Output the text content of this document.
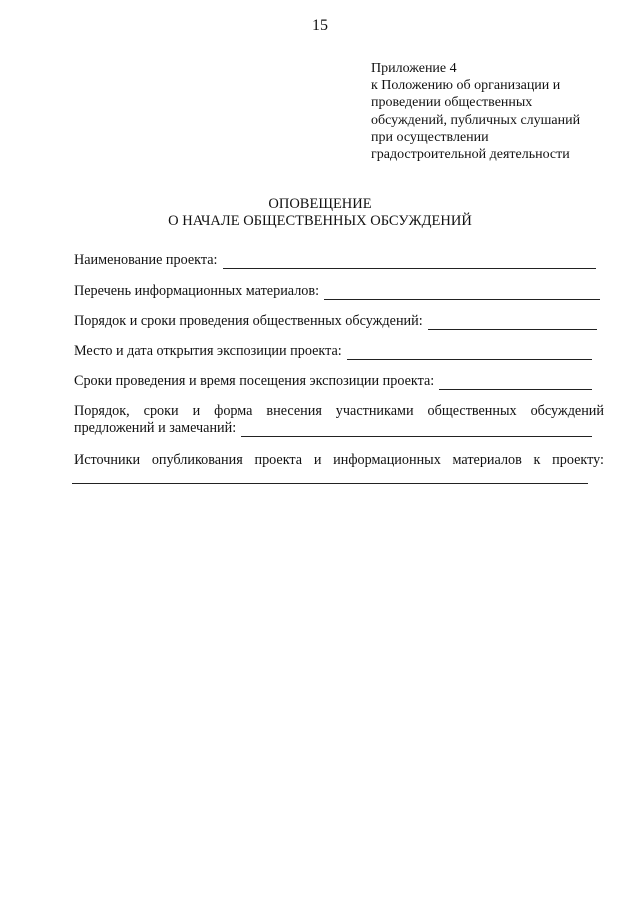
15
Приложение 4
к Положению об организации и
проведении общественных
обсуждений, публичных слушаний
при осуществлении
градостроительной деятельности
ОПОВЕЩЕНИЕ
О НАЧАЛЕ ОБЩЕСТВЕННЫХ ОБСУЖДЕНИЙ
Наименование проекта:
Перечень информационных материалов:
Порядок и сроки проведения общественных обсуждений:
Место и дата открытия экспозиции проекта:
Сроки проведения и время посещения экспозиции проекта:
Порядок, сроки и форма внесения участниками общественных обсуждений
предложений и замечаний:
Источники опубликования проекта и информационных материалов к проекту:
